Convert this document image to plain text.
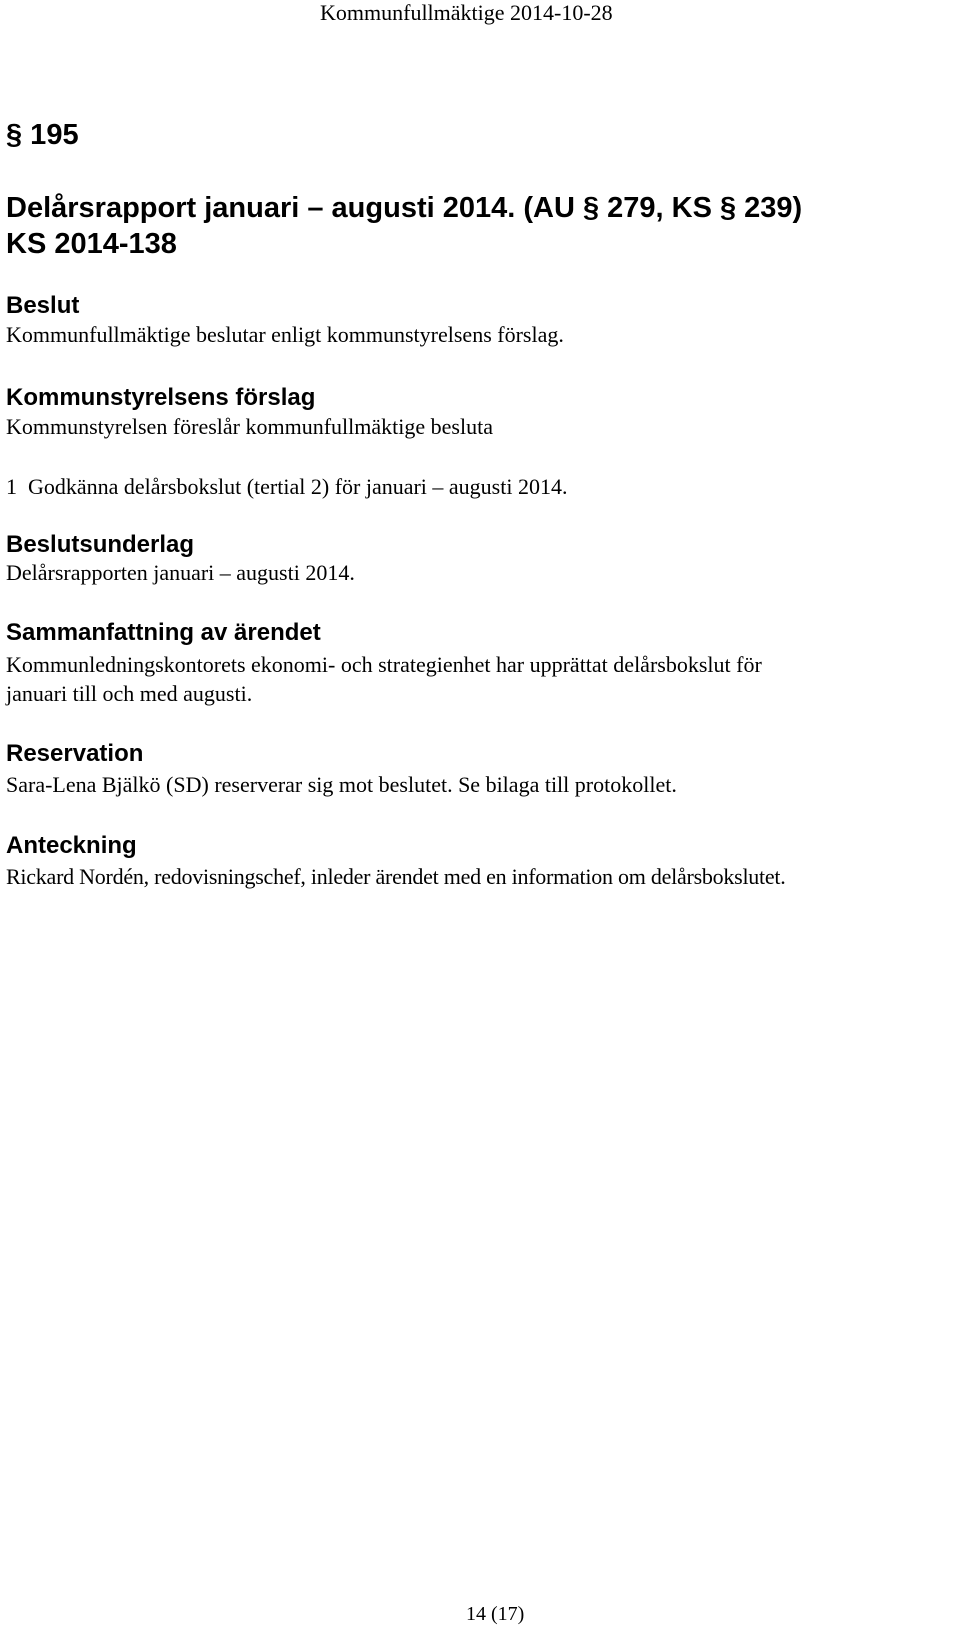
Kommunfullmäktige 2014-10-28

§ 195

Delårsrapport januari – augusti 2014. (AU § 279, KS § 239)
KS 2014-138

Beslut

Kommunfullmäktige beslutar enligt kommunstyrelsens förslag.

Kommunstyrelsens förslag

Kommunstyrelsen föreslår kommunfullmäktige besluta

1  Godkänna delårsbokslut (tertial 2) för januari – augusti 2014.

Beslutsunderlag

Delårsrapporten januari – augusti 2014.

Sammanfattning av ärendet

Kommunledningskontorets ekonomi- och strategienhet har upprättat delårsbokslut för

januari till och med augusti.

Reservation

Sara-Lena Bjälkö (SD) reserverar sig mot beslutet. Se bilaga till protokollet.

Anteckning

Rickard Nordén, redovisningschef, inleder ärendet med en information om delårsbokslutet.

14 (17)
